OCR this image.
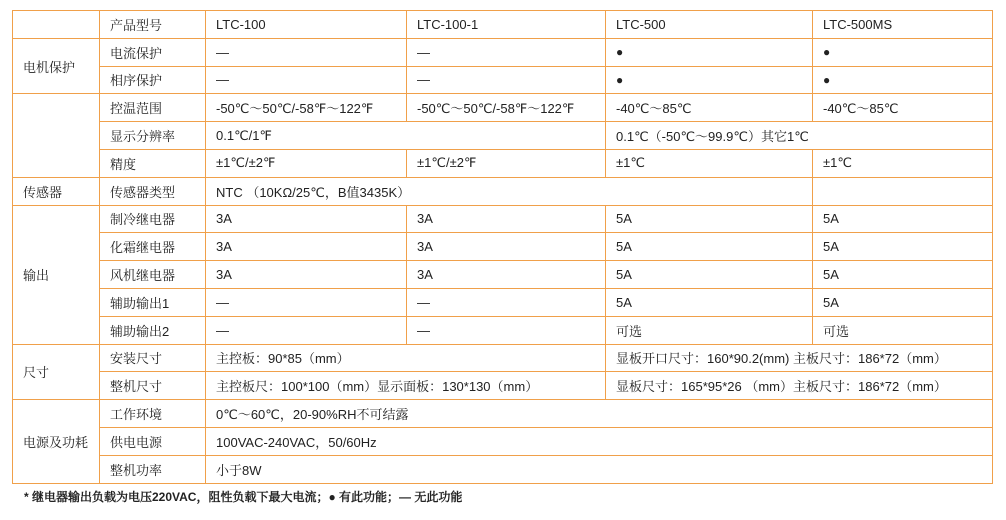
	产品型号	LTC-100	LTC-100-1	LTC-500	LTC-500MS
电机保护	电流保护	—	—	●	●
	相序保护	—	—	●	●
	控温范围	-50℃～50℃/-58℉～122℉	-50℃～50℃/-58℉～122℉	-40℃～85℃	-40℃～85℃
	显示分辨率	0.1℃/1℉		0.1℃（-50℃～99.9℃）其它1℃	
	精度	±1℃/±2℉	±1℃/±2℉	±1℃	±1℃
传感器	传感器类型	NTC （10KΩ/25℃，B值3435K）			
输出	制冷继电器	3A	3A	5A	5A
	化霜继电器	3A	3A	5A	5A
	风机继电器	3A	3A	5A	5A
	辅助输出1	—	—	5A	5A
	辅助输出2	—	—	可选	可选
尺寸	安装尺寸	主控板：90*85（mm）		显板开口尺寸：160*90.2(mm) 主板尺寸：186*72（mm）	
	整机尺寸	主控板尺：100*100（mm）显示面板：130*130（mm）		显板尺寸：165*95*26 （mm）主板尺寸：186*72（mm）	
电源及功耗	工作环境	0℃～60℃，20-90%RH不可结露			
	供电电源	100VAC-240VAC，50/60Hz			
	整机功率	小于8W			
* 继电器输出负载为电压220VAC，阻性负载下最大电流；● 有此功能；— 无此功能
